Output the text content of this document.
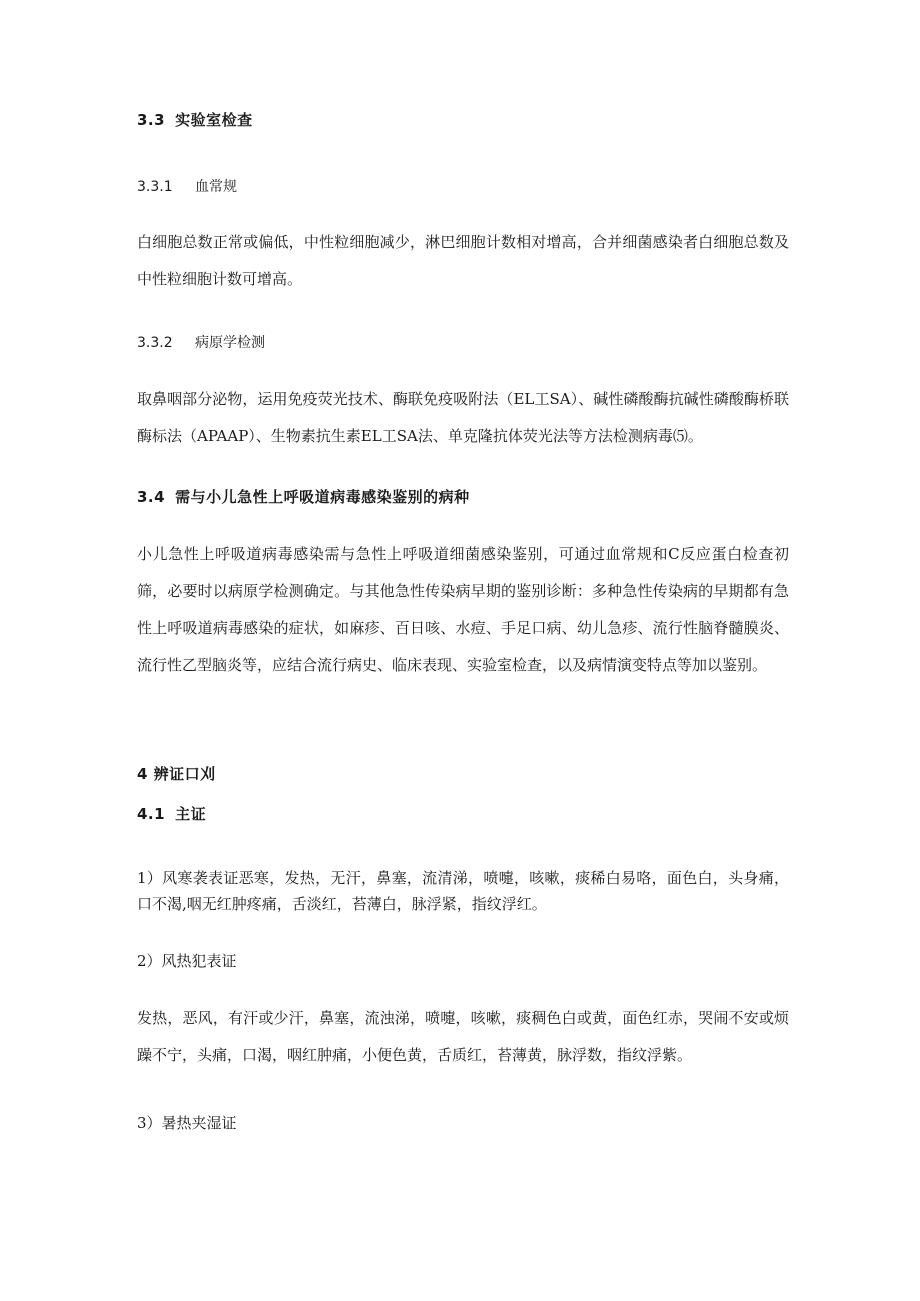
3.3 实验室检查
3.3.1 血常规

白细胞总数正常或偏低，中性粒细胞减少，淋巴细胞计数相对增高，合并细菌感染者白细胞总数及中性粒细胞计数可增高。

3.3.2 病原学检测

取鼻咽部分泌物，运用免疫荧光技术、酶联免疫吸附法（EL工SA）、碱性磷酸酶抗碱性磷酸酶桥联酶标法（APAAP）、生物素抗生素EL工SA法、单克隆抗体荧光法等方法检测病毒⑸。

3.4 需与小儿急性上呼吸道病毒感染鉴别的病种

小儿急性上呼吸道病毒感染需与急性上呼吸道细菌感染鉴别，可通过血常规和C反应蛋白检查初筛，必要时以病原学检测确定。与其他急性传染病早期的鉴别诊断：多种急性传染病的早期都有急性上呼吸道病毒感染的症状，如麻疹、百日咳、水痘、手足口病、幼儿急疹、流行性脑脊髓膜炎、流行性乙型脑炎等，应结合流行病史、临床表现、实验室检查，以及病情演变特点等加以鉴别。

4 辨证口刈
4.1 主证

1）风寒袭表证恶寒，发热，无汗，鼻塞，流清涕，喷嚏，咳嗽，痰稀白易咯，面色白，头身痛，口不渴,咽无红肿疼痛，舌淡红，苔薄白，脉浮紧，指纹浮红。

2）风热犯表证

发热，恶风，有汗或少汗，鼻塞，流浊涕，喷嚏，咳嗽，痰稠色白或黄，面色红赤，哭闹不安或烦躁不宁，头痛，口渴，咽红肿痛，小便色黄，舌质红，苔薄黄，脉浮数，指纹浮紫。

3）暑热夹湿证
